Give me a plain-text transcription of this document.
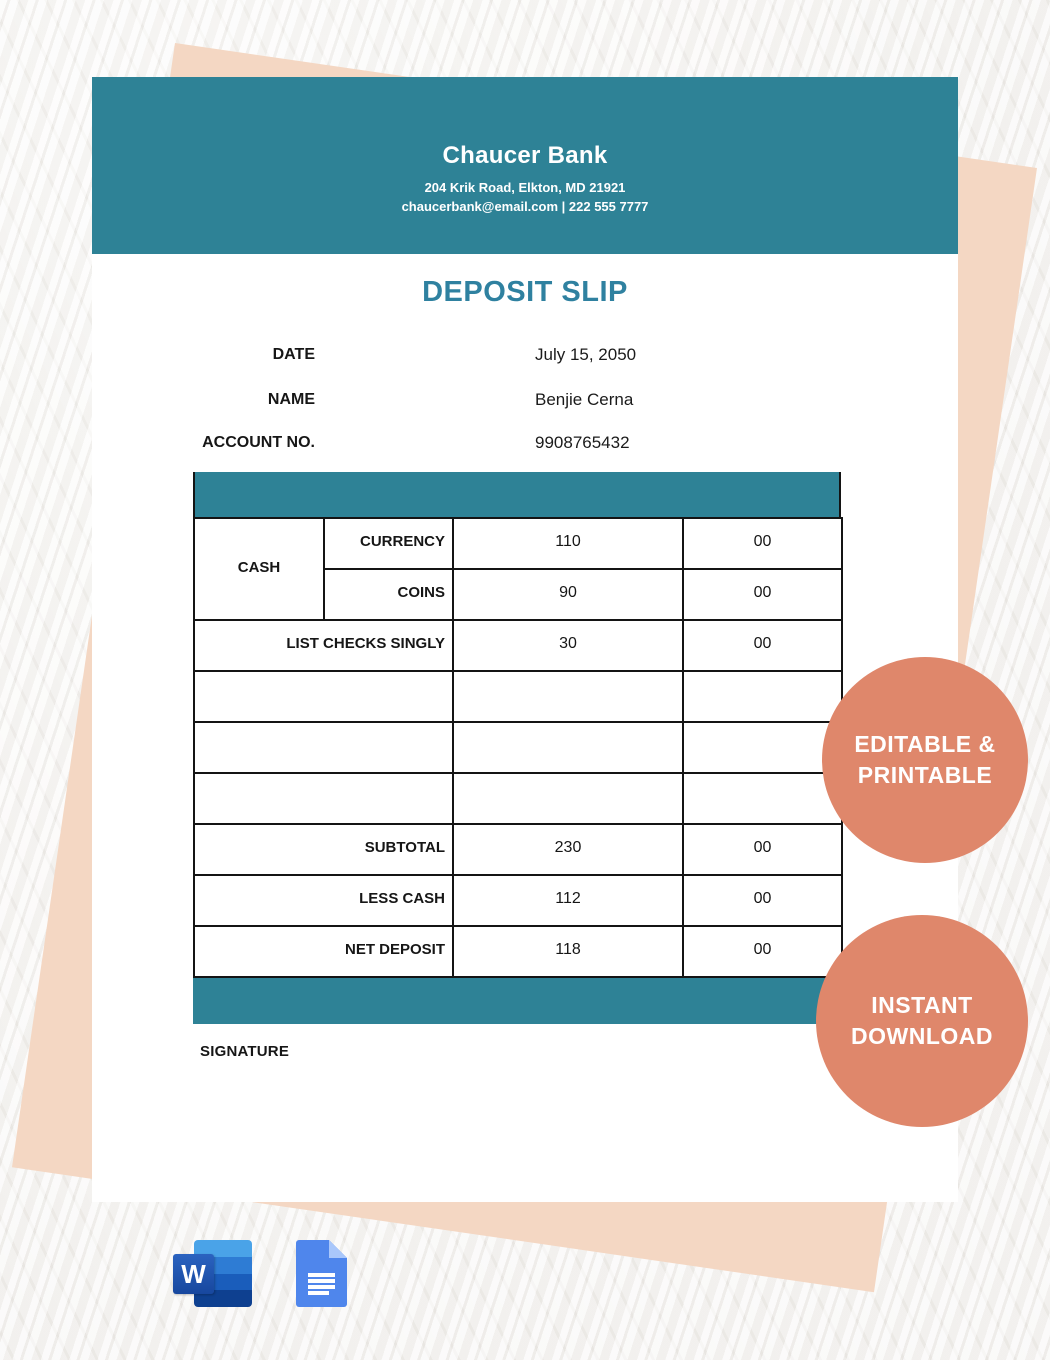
Chaucer Bank
204 Krik Road, Elkton, MD 21921
chaucerbank@email.com | 222 555 7777
DEPOSIT SLIP
DATE	July 15, 2050
NAME	Benjie Cerna
ACCOUNT NO.	9908765432
CASH	CURRENCY	110	00
	COINS	90	00
LIST CHECKS SINGLY		30	00

SUBTOTAL		230	00
LESS CASH		112	00
NET DEPOSIT		118	00
SIGNATURE
EDITABLE &
PRINTABLE
INSTANT
DOWNLOAD
W
